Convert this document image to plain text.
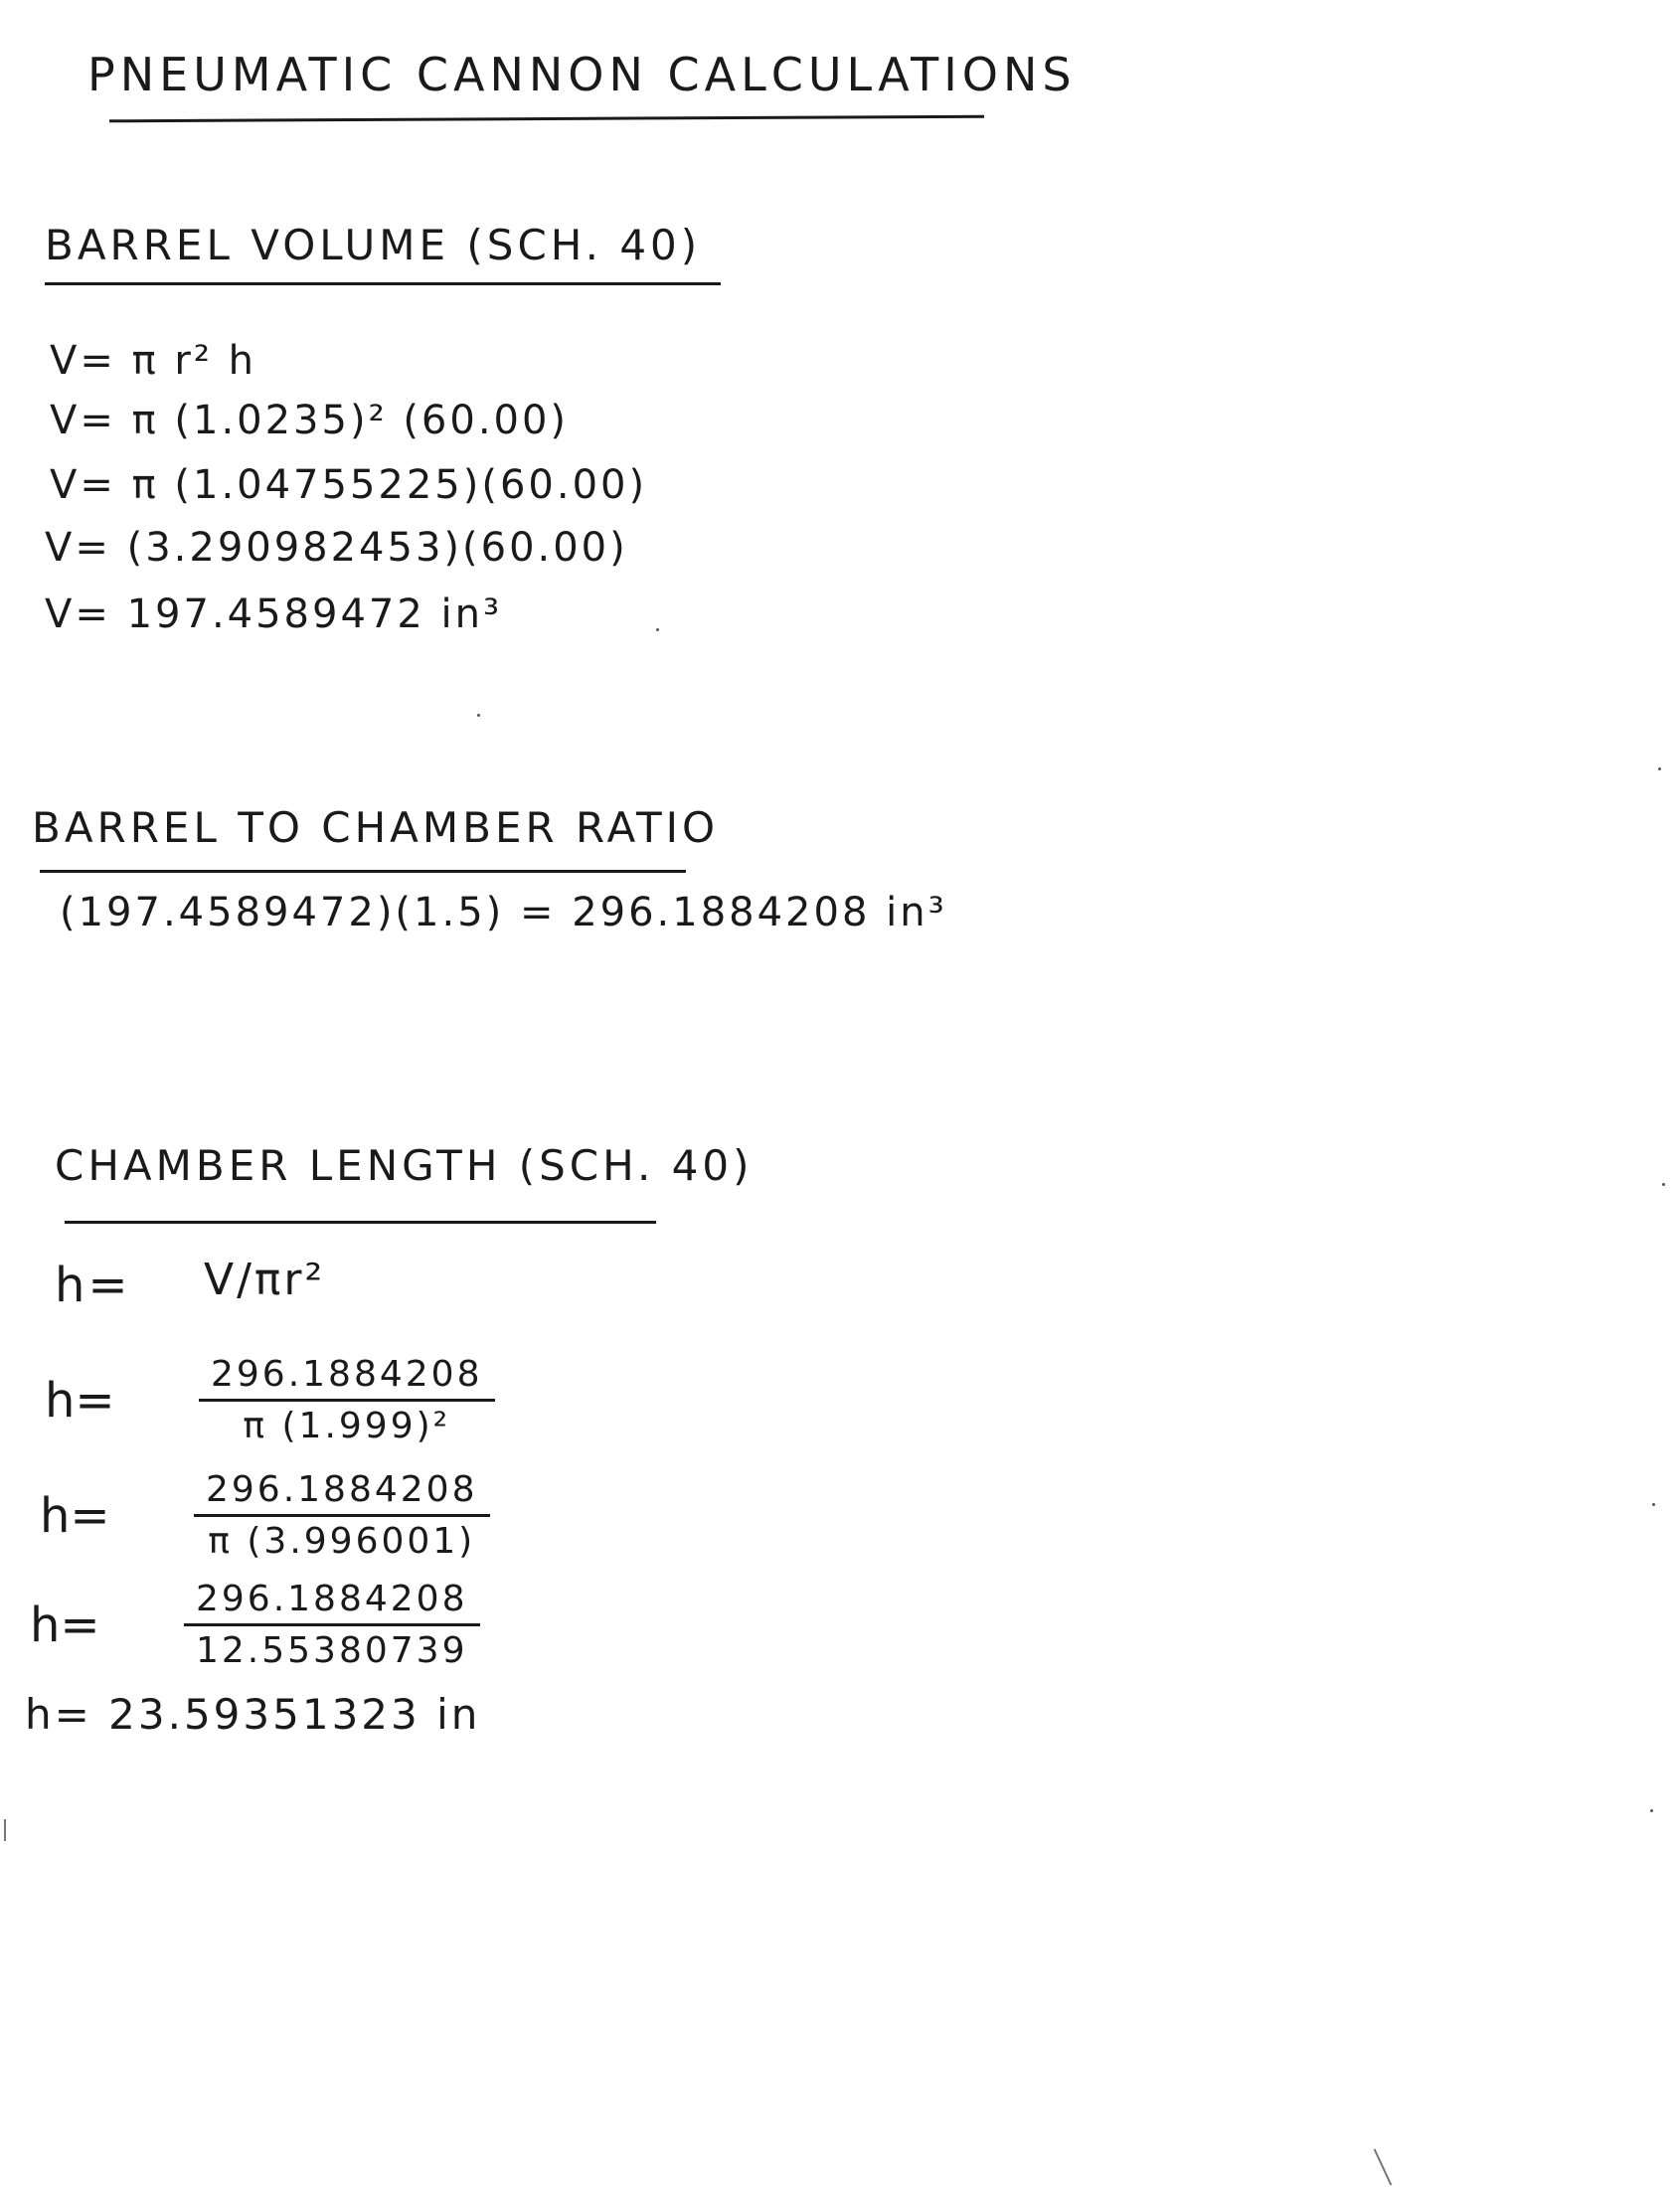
PNEUMATIC CANNON CALCULATIONS
BARREL VOLUME (SCH. 40)
V= π r² h
V= π (1.0235)² (60.00)
V= π (1.04755225)(60.00)
V= (3.290982453)(60.00)
V= 197.4589472 in³
BARREL TO CHAMBER RATIO
(197.4589472)(1.5) = 296.1884208 in³
CHAMBER LENGTH (SCH. 40)
h= V/πr²
$h= \frac{296.1884208}{\text{π (1.999)²}}$
$h= \frac{296.1884208}{\pi (3.996001)}$
$h= \frac{296.1884208}{12.55380739}$
h= 23.59351323 in
